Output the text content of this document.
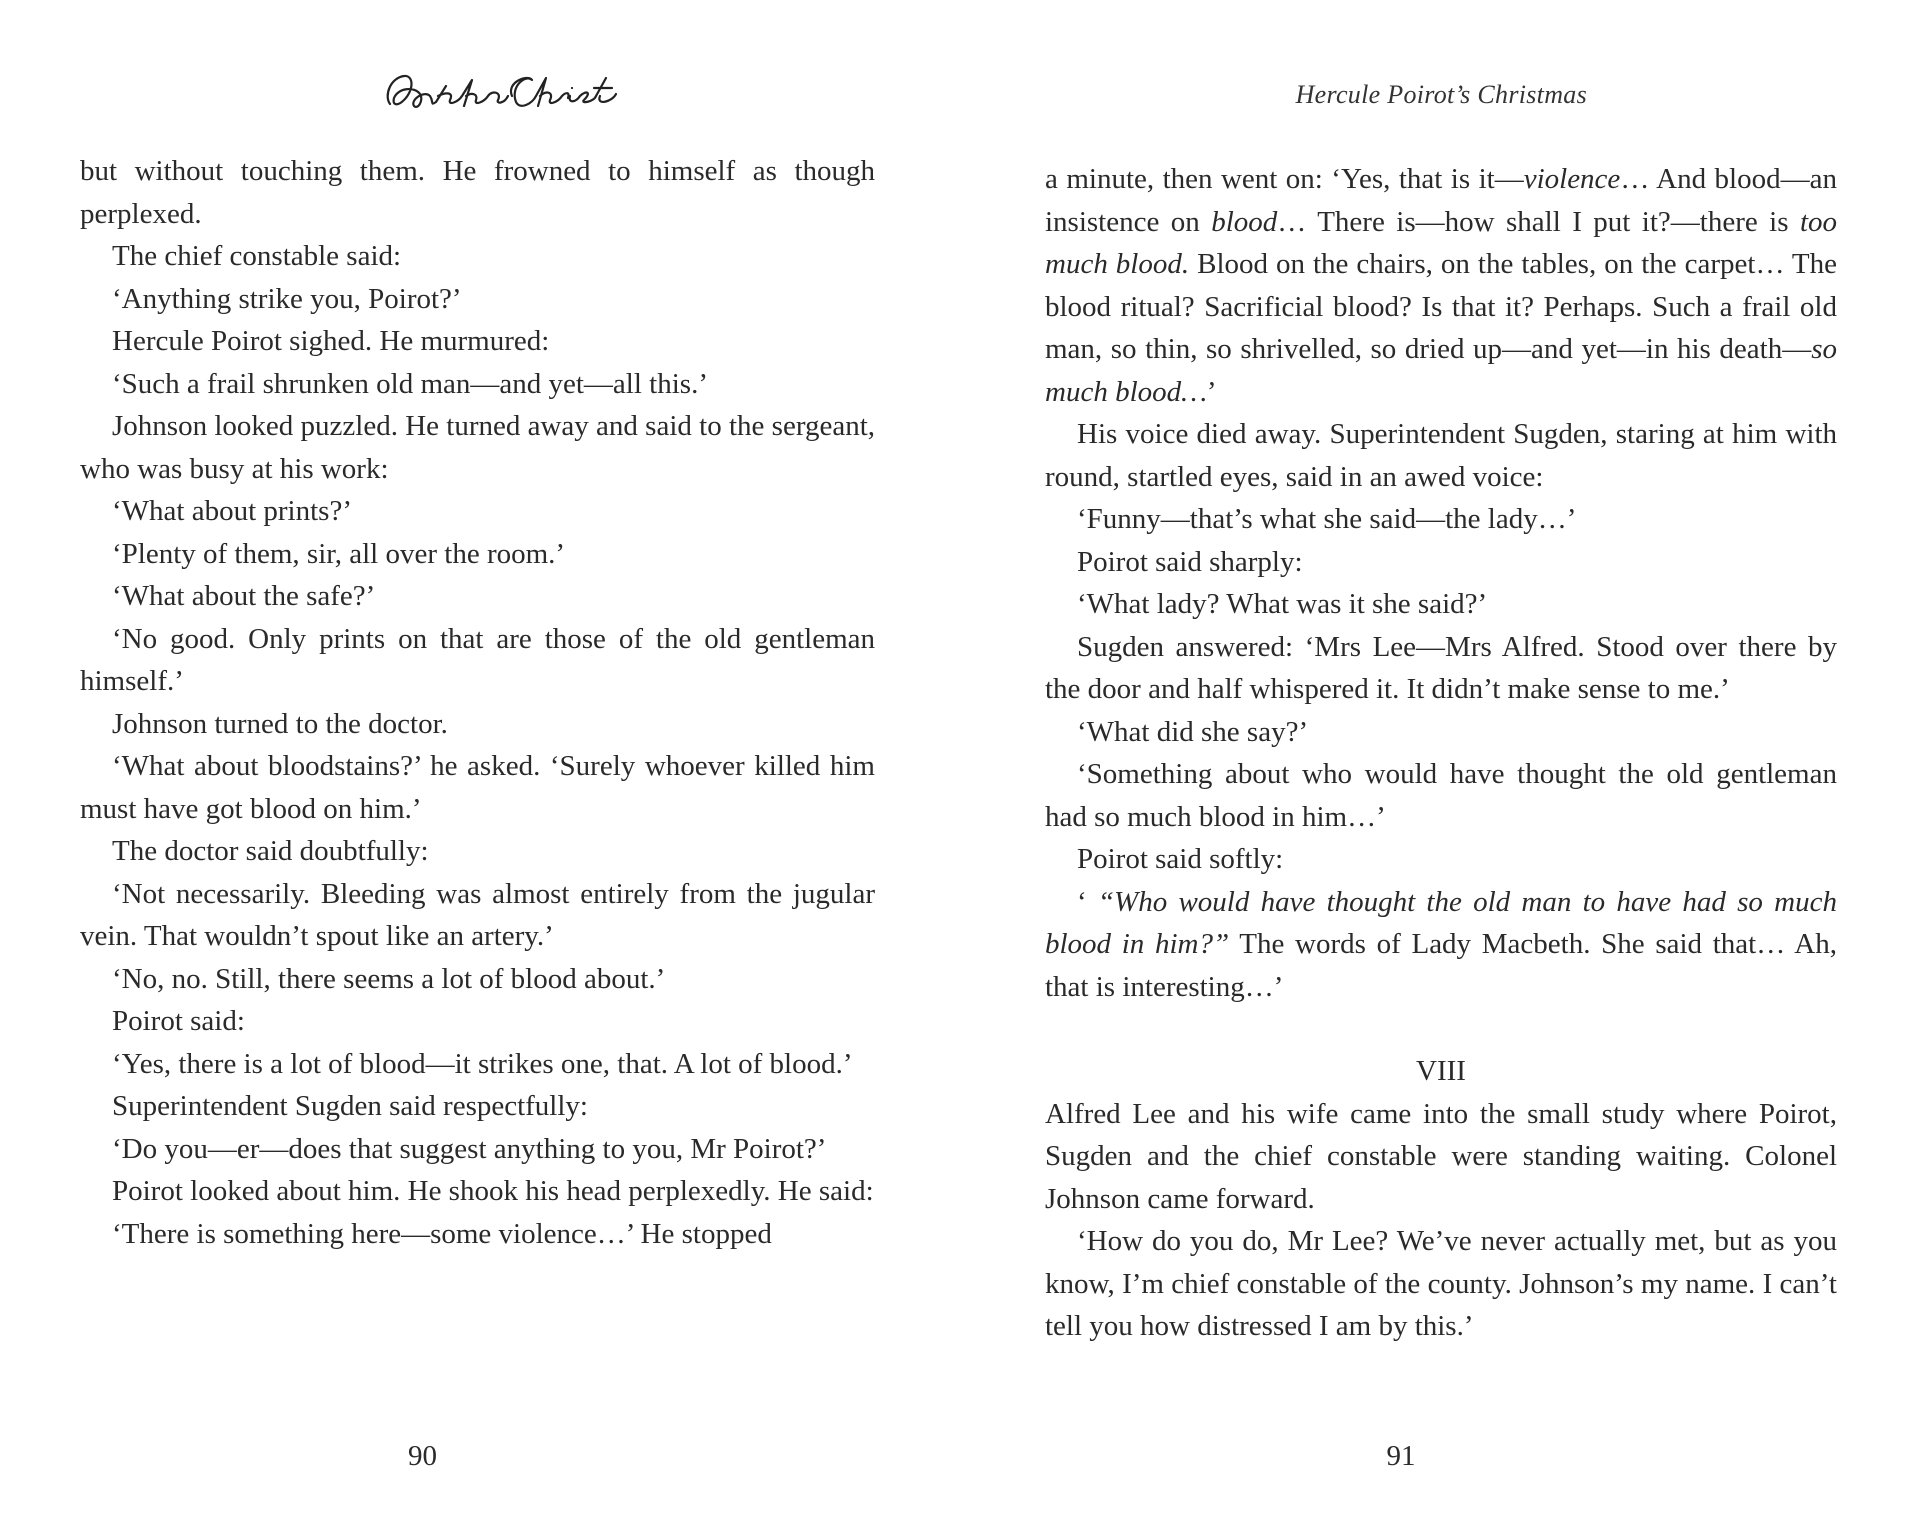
but without touching them. He frowned to himself as though perplexed.

The chief constable said:

‘Anything strike you, Poirot?’

Hercule Poirot sighed. He murmured:

‘Such a frail shrunken old man—and yet—all this.’

Johnson looked puzzled. He turned away and said to the sergeant, who was busy at his work:

‘What about prints?’

‘Plenty of them, sir, all over the room.’

‘What about the safe?’

‘No good. Only prints on that are those of the old gentleman himself.’

Johnson turned to the doctor.

‘What about bloodstains?’ he asked. ‘Surely whoever killed him must have got blood on him.’

The doctor said doubtfully:

‘Not necessarily. Bleeding was almost entirely from the jugular vein. That wouldn’t spout like an artery.’

‘No, no. Still, there seems a lot of blood about.’

Poirot said:

‘Yes, there is a lot of blood—it strikes one, that. A lot of blood.’

Superintendent Sugden said respectfully:

‘Do you—er—does that suggest anything to you, Mr Poirot?’

Poirot looked about him. He shook his head perplexedly. He said:

‘There is something here—some violence…’ He stopped

90
Hercule Poirot’s Christmas

a minute, then went on: ‘Yes, that is it—violence… And blood—an insistence on blood… There is—how shall I put it?—there is too much blood. Blood on the chairs, on the tables, on the carpet… The blood ritual? Sacrificial blood? Is that it? Perhaps. Such a frail old man, so thin, so shrivelled, so dried up—and yet—in his death—so much blood…’

His voice died away. Superintendent Sugden, staring at him with round, startled eyes, said in an awed voice:

‘Funny—that’s what she said—the lady…’

Poirot said sharply:

‘What lady? What was it she said?’

Sugden answered: ‘Mrs Lee—Mrs Alfred. Stood over there by the door and half whispered it. It didn’t make sense to me.’

‘What did she say?’

‘Something about who would have thought the old gentleman had so much blood in him…’

Poirot said softly:

‘ “Who would have thought the old man to have had so much blood in him?” The words of Lady Macbeth. She said that… Ah, that is interesting…’

VIII

Alfred Lee and his wife came into the small study where Poirot, Sugden and the chief constable were standing waiting. Colonel Johnson came forward.

‘How do you do, Mr Lee? We’ve never actually met, but as you know, I’m chief constable of the county. Johnson’s my name. I can’t tell you how distressed I am by this.’

91
